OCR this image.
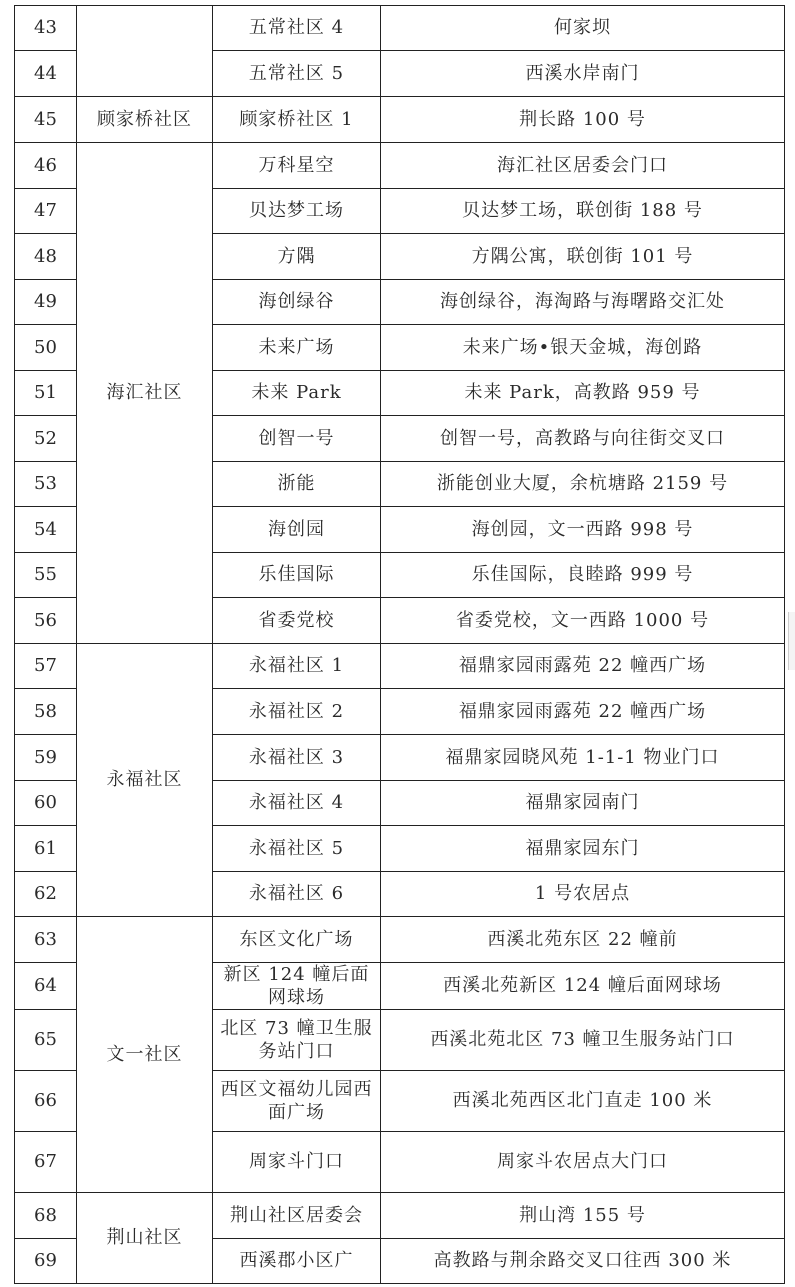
43		五常社区 4	何家坝
44		五常社区 5	西溪水岸南门
45	顾家桥社区	顾家桥社区 1	荆长路 100 号
46	海汇社区	万科星空	海汇社区居委会门口
47		贝达梦工场	贝达梦工场，联创街 188 号
48		方隅	方隅公寓，联创街 101 号
49		海创绿谷	海创绿谷，海淘路与海曙路交汇处
50		未来广场	未来广场•银天金城，海创路
51		未来 Park	未来 Park，高教路 959 号
52		创智一号	创智一号，高教路与向往街交叉口
53		浙能	浙能创业大厦，余杭塘路 2159 号
54		海创园	海创园，文一西路 998 号
55		乐佳国际	乐佳国际，良睦路 999 号
56		省委党校	省委党校，文一西路 1000 号
57	永福社区	永福社区 1	福鼎家园雨露苑 22 幢西广场
58		永福社区 2	福鼎家园雨露苑 22 幢西广场
59		永福社区 3	福鼎家园晓风苑 1-1-1 物业门口
60		永福社区 4	福鼎家园南门
61		永福社区 5	福鼎家园东门
62		永福社区 6	1 号农居点
63	文一社区	东区文化广场	西溪北苑东区 22 幢前
64		新区 124 幢后面网球场	西溪北苑新区 124 幢后面网球场
65		北区 73 幢卫生服务站门口	西溪北苑北区 73 幢卫生服务站门口
66		西区文福幼儿园西面广场	西溪北苑西区北门直走 100 米
67		周家斗门口	周家斗农居点大门口
68	荆山社区	荆山社区居委会	荆山湾 155 号
69		西溪郡小区广	高教路与荆余路交叉口往西 300 米
